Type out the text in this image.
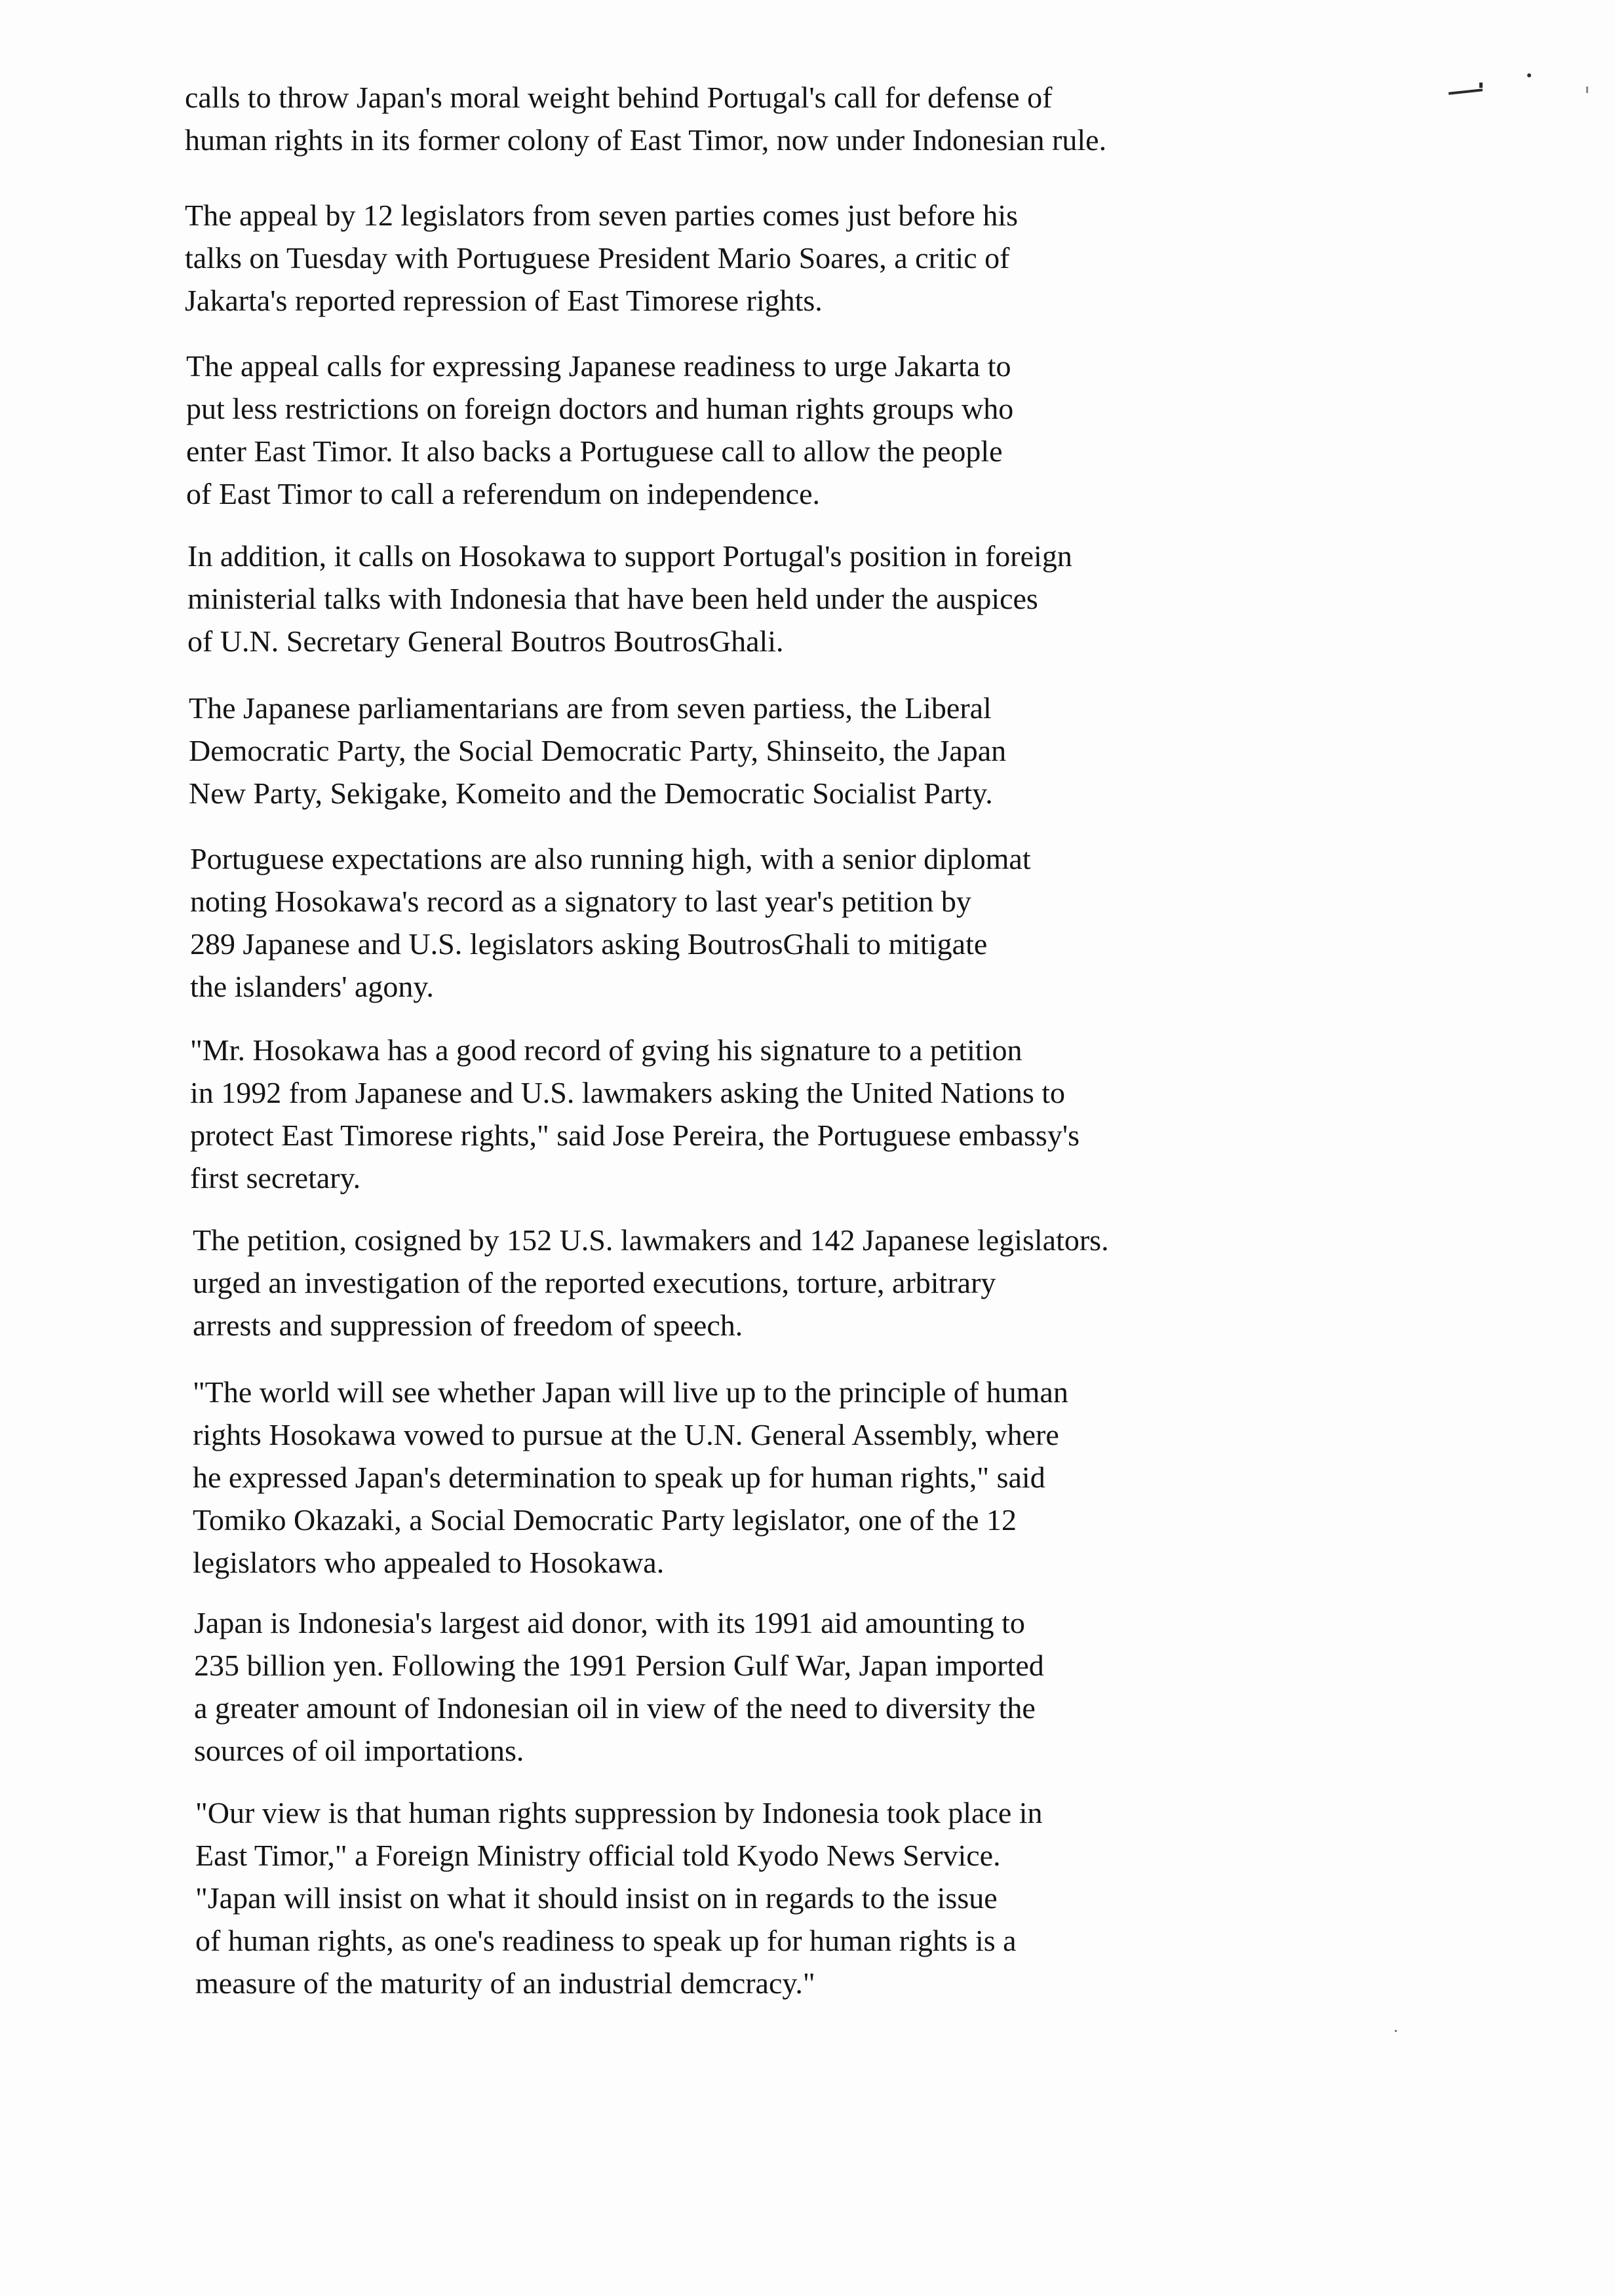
calls to throw Japan's moral weight behind Portugal's call for defense of
human rights in its former colony of East Timor, now under Indonesian rule.
The appeal by 12 legislators from seven parties comes just before his
talks on Tuesday with Portuguese President Mario Soares, a critic of
Jakarta's reported repression of East Timorese rights.
The appeal calls for expressing Japanese readiness to urge Jakarta to
put less restrictions on foreign doctors and human rights groups who
enter East Timor. It also backs a Portuguese call to allow the people
of East Timor to call a referendum on independence.
In addition, it calls on Hosokawa to support Portugal's position in foreign
ministerial talks with Indonesia that have been held under the auspices
of U.N. Secretary General Boutros BoutrosGhali.
The Japanese parliamentarians are from seven partiess, the Liberal
Democratic Party, the Social Democratic Party, Shinseito, the Japan
New Party, Sekigake, Komeito and the Democratic Socialist Party.
Portuguese expectations are also running high, with a senior diplomat
noting Hosokawa's record as a signatory to last year's petition by
289 Japanese and U.S. legislators asking BoutrosGhali to mitigate
the islanders' agony.
"Mr. Hosokawa has a good record of gving his signature to a petition
in 1992 from Japanese and U.S. lawmakers asking the United Nations to
protect East Timorese rights," said Jose Pereira, the Portuguese embassy's
first secretary.
The petition, cosigned by 152 U.S. lawmakers and 142 Japanese legislators.
urged an investigation of the reported executions, torture, arbitrary
arrests and suppression of freedom of speech.
"The world will see whether Japan will live up to the principle of human
rights Hosokawa vowed to pursue at the U.N. General Assembly, where
he expressed Japan's determination to speak up for human rights," said
Tomiko Okazaki, a Social Democratic Party legislator, one of the 12
legislators who appealed to Hosokawa.
Japan is Indonesia's largest aid donor, with its 1991 aid amounting to
235 billion yen. Following the 1991 Persion Gulf War, Japan imported
a greater amount of Indonesian oil in view of the need to diversity the
sources of oil importations.
"Our view is that human rights suppression by Indonesia took place in
East Timor," a Foreign Ministry official told Kyodo News Service.
"Japan will insist on what it should insist on in regards to the issue
of human rights, as one's readiness to speak up for human rights is a
measure of the maturity of an industrial demcracy."
